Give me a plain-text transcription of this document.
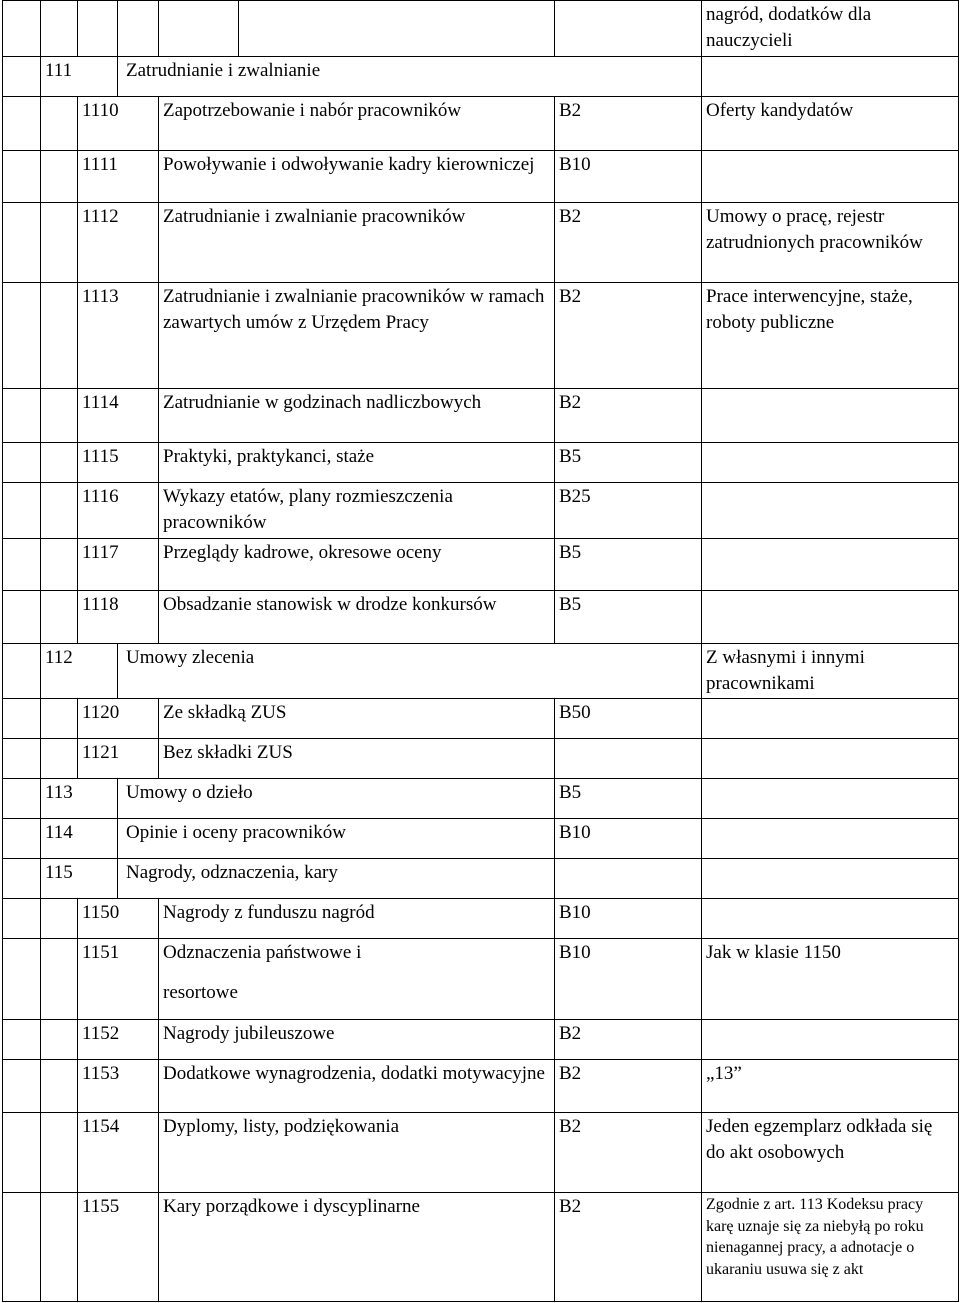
							nagród, dodatków dla nauczycieli
	111		Zatrudnianie i zwalnianie				
		1110		Zapotrzebowanie i nabór pracowników		B2	Oferty kandydatów
		1111		Powoływanie i odwoływanie kadry kierowniczej		B10	
		1112		Zatrudnianie i zwalnianie pracowników		B2	Umowy o pracę, rejestr zatrudnionych pracowników
		1113		Zatrudnianie i zwalnianie pracowników w ramach zawartych umów z Urzędem Pracy		B2	Prace interwencyjne, staże, roboty publiczne
		1114		Zatrudnianie w godzinach nadliczbowych		B2	
		1115		Praktyki, praktykanci, staże		B5	
		1116		Wykazy etatów, plany rozmieszczenia pracowników		B25	
		1117		Przeglądy kadrowe, okresowe oceny		B5	
		1118		Obsadzanie stanowisk w drodze konkursów		B5	
	112		Umowy zlecenia				Z własnymi i innymi pracownikami
		1120		Ze składką ZUS		B50	
		1121		Bez składki ZUS			
	113		Umowy o dzieło			B5	
	114		Opinie i oceny pracowników			B10	
	115		Nagrody, odznaczenia, kary				
		1150		Nagrody z funduszu nagród		B10	
		1151		Odznaczenia państwowe i
resortowe		B10	Jak w klasie 1150
		1152		Nagrody jubileuszowe		B2	
		1153		Dodatkowe wynagrodzenia, dodatki motywacyjne		B2	„13”
		1154		Dyplomy, listy, podziękowania		B2	Jeden egzemplarz odkłada się do akt osobowych
		1155		Kary porządkowe i dyscyplinarne		B2	Zgodnie z art. 113 Kodeksu pracy karę uznaje się za niebyłą po roku nienagannej pracy, a adnotacje o ukaraniu usuwa się z akt
